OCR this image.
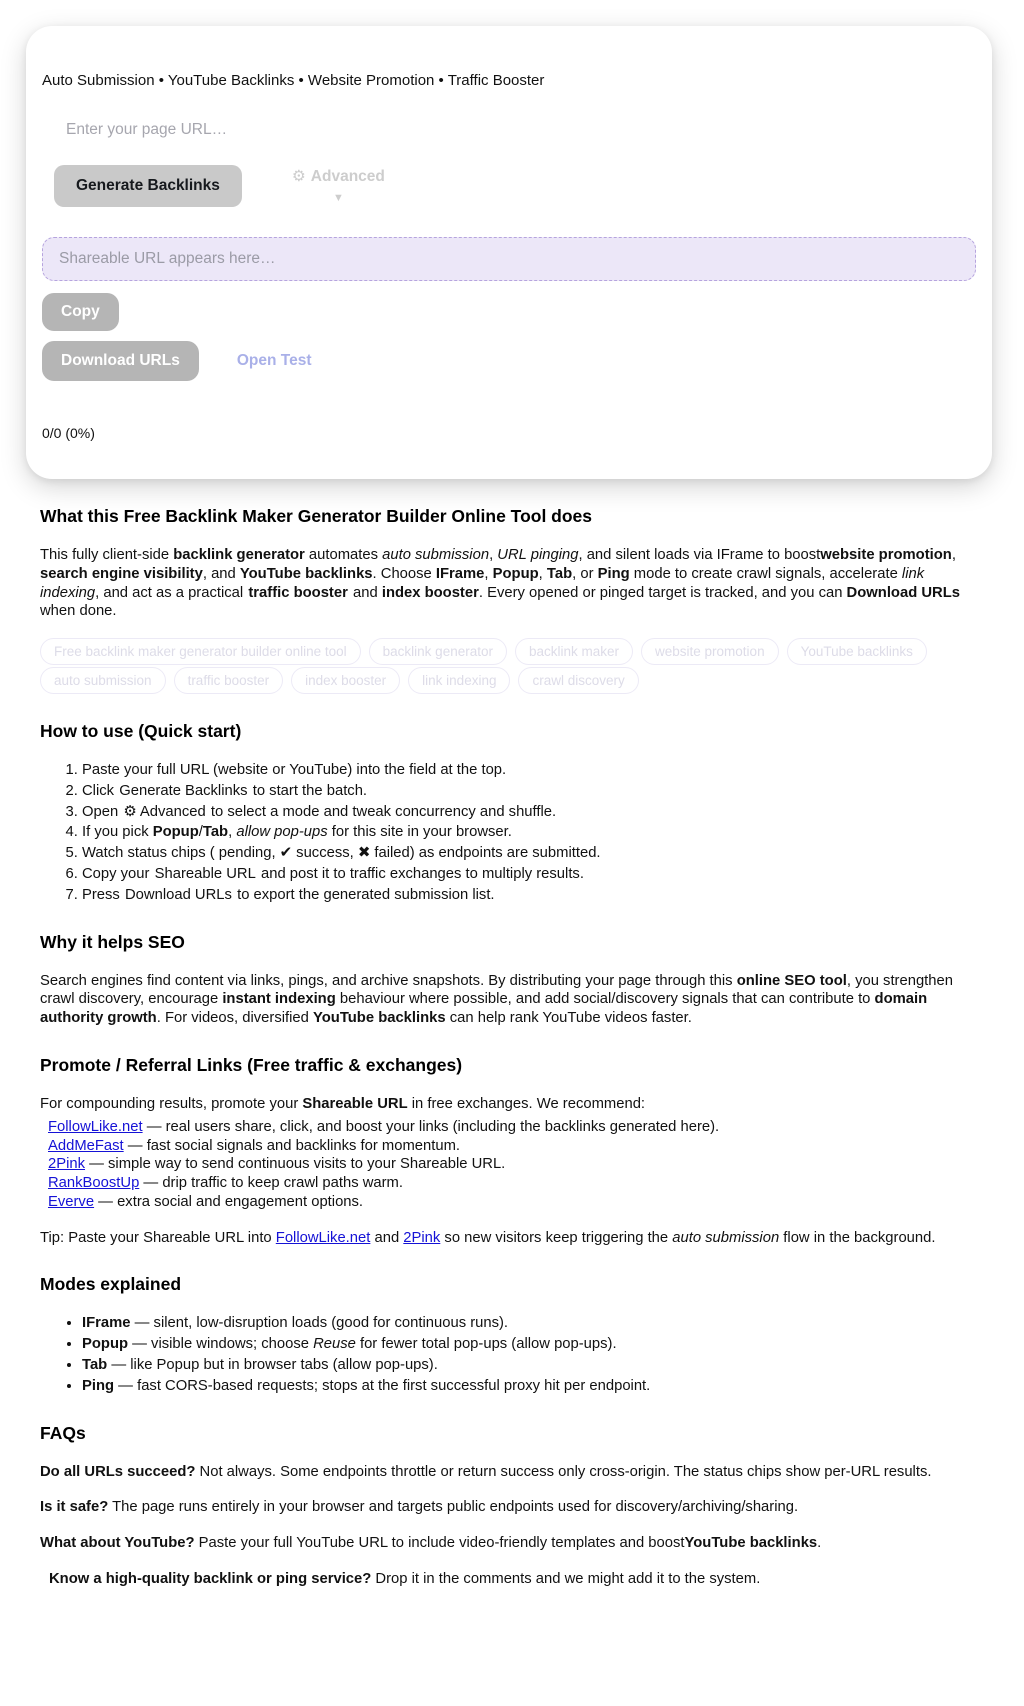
Auto Submission • YouTube Backlinks • Website Promotion • Traffic Booster
Enter your page URL…
Generate Backlinks
⚙ Advanced
▼
Shareable URL appears here… Copy
Download URLs	Open Test
0/0 (0%)
What this Free Backlink Maker Generator Builder Online Tool does

This fully client-side backlink generator automates auto submission, URL pinging, and silent loads via IFrame to boostwebsite promotion, search engine visibility, and YouTube backlinks. Choose IFrame, Popup, Tab, or Ping mode to create crawl signals, accelerate link indexing, and act as a practical traffic booster and index booster. Every opened or pinged target is tracked, and you can Download URLs when done.

Free backlink maker generator builder online tool	backlink generator	backlink maker	website promotion	YouTube backlinks
auto submission	traffic booster	index booster	link indexing	crawl discovery
How to use (Quick start)
1. Paste your full URL (website or YouTube) into the field at the top.
2. Click Generate Backlinks to start the batch.
3. Open ⚙ Advanced to select a mode and tweak concurrency and shuffle.
4. If you pick Popup/Tab, allow pop-ups for this site in your browser.
5. Watch status chips ( pending, ✔ success, ✖ failed) as endpoints are submitted.
6. Copy your Shareable URL and post it to traffic exchanges to multiply results.
7. Press Download URLs to export the generated submission list.
Why it helps SEO

Search engines find content via links, pings, and archive snapshots. By distributing your page through this online SEO tool, you strengthen crawl discovery, encourage instant indexing behaviour where possible, and add social/discovery signals that can contribute to domain authority growth. For videos, diversified YouTube backlinks can help rank YouTube videos faster.

Promote / Referral Links (Free traffic & exchanges)

For compounding results, promote your Shareable URL in free exchanges. We recommend:

FollowLike.net — real users share, click, and boost your links (including the backlinks generated here).
AddMeFast — fast social signals and backlinks for momentum.
2Pink — simple way to send continuous visits to your Shareable URL.
RankBoostUp — drip traffic to keep crawl paths warm.
Everve — extra social and engagement options.

Tip: Paste your Shareable URL into FollowLike.net and 2Pink so new visitors keep triggering the auto submission flow in the background.

Modes explained
• IFrame — silent, low-disruption loads (good for continuous runs).
• Popup — visible windows; choose Reuse for fewer total pop-ups (allow pop-ups).
• Tab — like Popup but in browser tabs (allow pop-ups).
• Ping — fast CORS-based requests; stops at the first successful proxy hit per endpoint.
FAQs

Do all URLs succeed? Not always. Some endpoints throttle or return success only cross-origin. The status chips show per-URL results.

Is it safe? The page runs entirely in your browser and targets public endpoints used for discovery/archiving/sharing.

What about YouTube? Paste your full YouTube URL to include video-friendly templates and boostYouTube backlinks.

Know a high-quality backlink or ping service? Drop it in the comments and we might add it to the system.
